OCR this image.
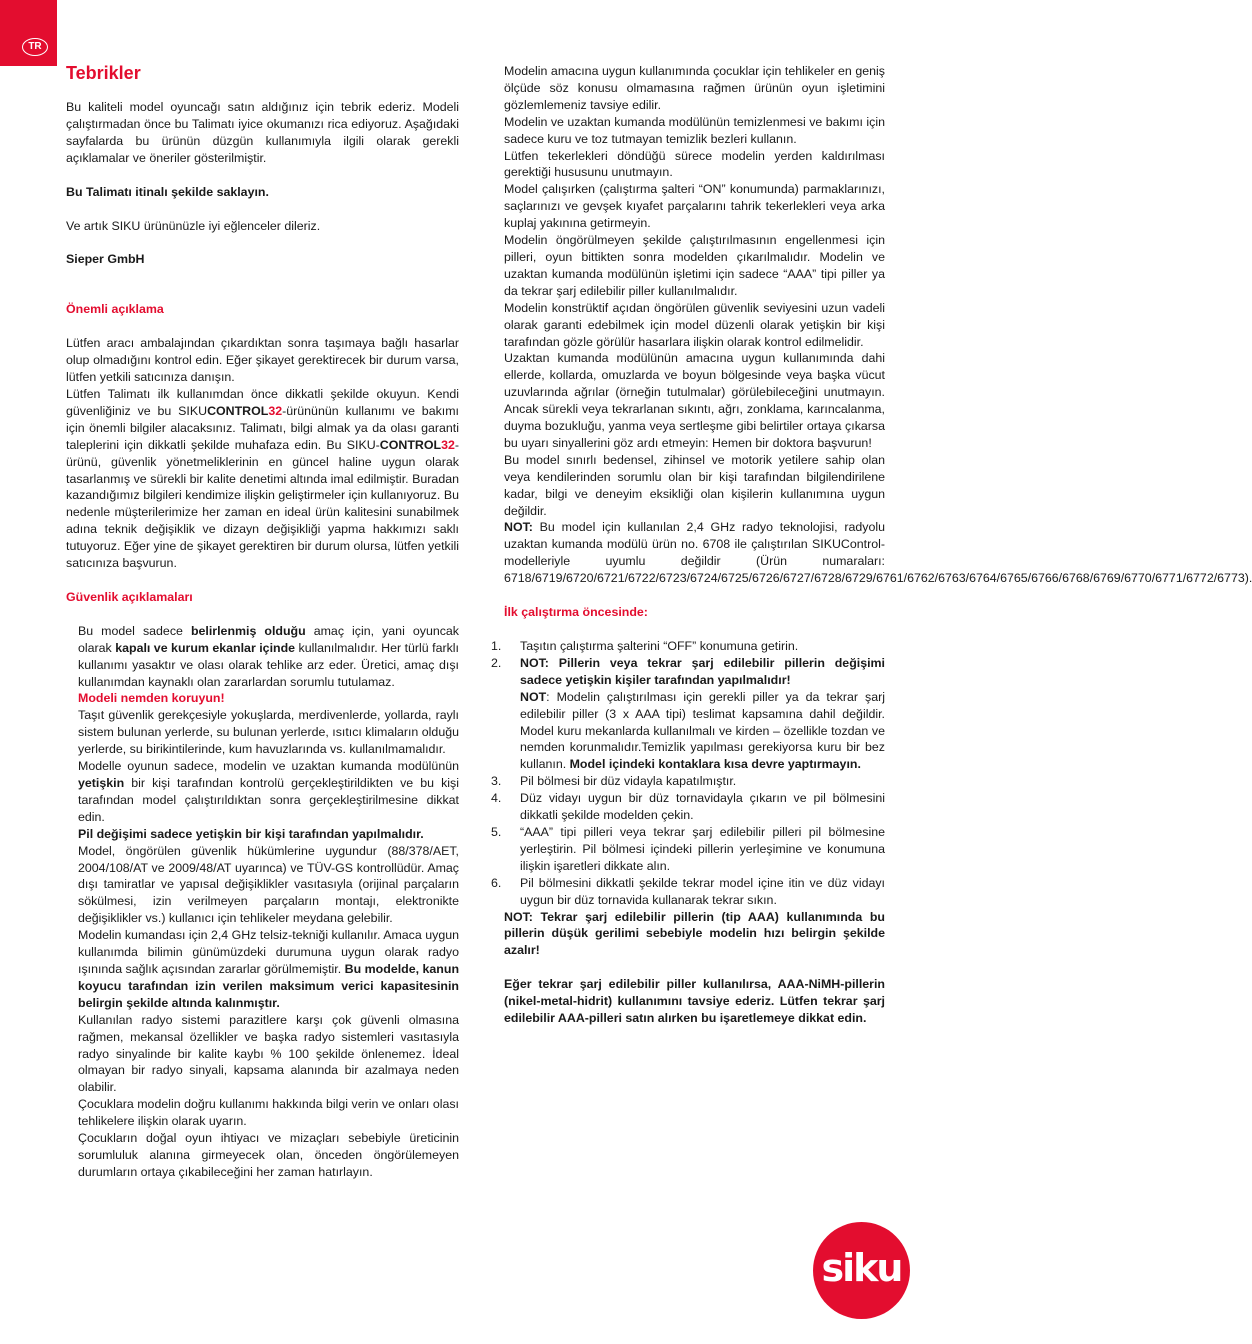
TR
Tebrikler

Bu kaliteli model oyuncağı satın aldığınız için tebrik ederiz. Modeli çalıştırmadan önce bu Talimatı iyice okumanızı rica ediyoruz. Aşağıdaki sayfalarda bu ürünün düzgün kullanımıyla ilgili olarak gerekli açıklamalar ve öneriler gösterilmiştir.

Bu Talimatı itinalı şekilde saklayın.

Ve artık SIKU ürününüzle iyi eğlenceler dileriz.

Sieper GmbH

Önemli açıklama

Lütfen aracı ambalajından çıkardıktan sonra taşımaya bağlı hasarlar olup olmadığını kontrol edin. Eğer şikayet gerektirecek bir durum varsa, lütfen yetkili satıcınıza danışın.

Lütfen Talimatı ilk kullanımdan önce dikkatli şekilde okuyun. Kendi güvenliğiniz ve bu SIKUCONTROL32-ürününün kullanımı ve bakımı için önemli bilgiler alacaksınız. Talimatı, bilgi almak ya da olası garanti taleplerini için dikkatli şekilde muhafaza edin. Bu SIKU-CONTROL32-ürünü, güvenlik yönetmeliklerinin en güncel haline uygun olarak tasarlanmış ve sürekli bir kalite denetimi altında imal edilmiştir. Buradan kazandığımız bilgileri kendimize ilişkin geliştirmeler için kullanıyoruz. Bu nedenle müşterilerimize her zaman en ideal ürün kalitesini sunabilmek adına teknik değişiklik ve dizayn değişikliği yapma hakkımızı saklı tutuyoruz. Eğer yine de şikayet gerektiren bir durum olursa, lütfen yetkili satıcınıza başvurun.

Güvenlik açıklamaları

Bu model sadece belirlenmiş olduğu amaç için, yani oyuncak olarak kapalı ve kurum ekanlar içinde kullanılmalıdır. Her türlü farklı kullanımı yasaktır ve olası olarak tehlike arz eder. Üretici, amaç dışı kullanımdan kaynaklı olan zararlardan sorumlu tutulamaz.

Modeli nemden koruyun!

Taşıt güvenlik gerekçesiyle yokuşlarda, merdivenlerde, yollarda, raylı sistem bulunan yerlerde, su bulunan yerlerde, ısıtıcı klimaların olduğu yerlerde, su birikintilerinde, kum havuzlarında vs. kullanılmamalıdır.

Modelle oyunun sadece, modelin ve uzaktan kumanda modülünün yetişkin bir kişi tarafından kontrolü gerçekleştirildikten ve bu kişi tarafından model çalıştırıldıktan sonra gerçekleştirilmesine dikkat edin.

Pil değişimi sadece yetişkin bir kişi tarafından yapılmalıdır.

Model, öngörülen güvenlik hükümlerine uygundur (88/378/AET, 2004/108/AT ve 2009/48/AT uyarınca) ve TÜV-GS kontrollüdür. Amaç dışı tamiratlar ve yapısal değişiklikler vasıtasıyla (orijinal parçaların sökülmesi, izin verilmeyen parçaların montajı, elektronikte değişiklikler vs.) kullanıcı için tehlikeler meydana gelebilir.

Modelin kumandası için 2,4 GHz telsiz-tekniği kullanılır. Amaca uygun kullanımda bilimin günümüzdeki durumuna uygun olarak radyo ışınında sağlık açısından zararlar görülmemiştir. Bu modelde, kanun koyucu tarafından izin verilen maksimum verici kapasitesinin belirgin şekilde altında kalınmıştır.

Kullanılan radyo sistemi parazitlere karşı çok güvenli olmasına rağmen, mekansal özellikler ve başka radyo sistemleri vasıtasıyla radyo sinyalinde bir kalite kaybı % 100 şekilde önlenemez. İdeal olmayan bir radyo sinyali, kapsama alanında bir azalmaya neden olabilir.

Çocuklara modelin doğru kullanımı hakkında bilgi verin ve onları olası tehlikelere ilişkin olarak uyarın.

Çocukların doğal oyun ihtiyacı ve mizaçları sebebiyle üreticinin sorumluluk alanına girmeyecek olan, önceden öngörülemeyen durumların ortaya çıkabileceğini her zaman hatırlayın.

Modelin amacına uygun kullanımında çocuklar için tehlikeler en geniş ölçüde söz konusu olmamasına rağmen ürünün oyun işletimini gözlemlemeniz tavsiye edilir.

Modelin ve uzaktan kumanda modülünün temizlenmesi ve bakımı için sadece kuru ve toz tutmayan temizlik bezleri kullanın.

Lütfen tekerlekleri döndüğü sürece modelin yerden kaldırılması gerektiği hususunu unutmayın.

Model çalışırken (çalıştırma şalteri “ON” konumunda) parmaklarınızı, saçlarınızı ve gevşek kıyafet parçalarını tahrik tekerlekleri veya arka kuplaj yakınına getirmeyin.

Modelin öngörülmeyen şekilde çalıştırılmasının engellenmesi için pilleri, oyun bittikten sonra modelden çıkarılmalıdır. Modelin ve uzaktan kumanda modülünün işletimi için sadece “AAA” tipi piller ya da tekrar şarj edilebilir piller kullanılmalıdır.

Modelin konstrüktif açıdan öngörülen güvenlik seviyesini uzun vadeli olarak garanti edebilmek için model düzenli olarak yetişkin bir kişi tarafından gözle görülür hasarlara ilişkin olarak kontrol edilmelidir.

Uzaktan kumanda modülünün amacına uygun kullanımında dahi ellerde, kollarda, omuzlarda ve boyun bölgesinde veya başka vücut uzuvlarında ağrılar (örneğin tutulmalar) görülebileceğini unutmayın. Ancak sürekli veya tekrarlanan sıkıntı, ağrı, zonklama, karıncalanma, duyma bozukluğu, yanma veya sertleşme gibi belirtiler ortaya çıkarsa bu uyarı sinyallerini göz ardı etmeyin: Hemen bir doktora başvurun!

Bu model sınırlı bedensel, zihinsel ve motorik yetilere sahip olan veya kendilerinden sorumlu olan bir kişi tarafından bilgilendirilene kadar, bilgi ve deneyim eksikliği olan kişilerin kullanımına uygun değildir.

NOT: Bu model için kullanılan 2,4 GHz radyo teknolojisi, radyolu uzaktan kumanda modülü ürün no. 6708 ile çalıştırılan SIKUControl-modelleriyle uyumlu değildir (Ürün numaraları: 6718/6719/6720/6721/6722/6723/6724/6725/6726/6727/6728/6729/6761/6762/6763/6764/6765/6766/6768/6769/6770/6771/6772/6773).

İlk çalıştırma öncesinde:

1. Taşıtın çalıştırma şalterini “OFF” konumuna getirin.
2. NOT: Pillerin veya tekrar şarj edilebilir pillerin değişimi sadece yetişkin kişiler tarafından yapılmalıdır!
NOT: Modelin çalıştırılması için gerekli piller ya da tekrar şarj edilebilir piller (3 x AAA tipi) teslimat kapsamına dahil değildir. Model kuru mekanlarda kullanılmalı ve kirden – özellikle tozdan ve nemden korunmalıdır.Temizlik yapılması gerekiyorsa kuru bir bez kullanın. Model içindeki kontaklara kısa devre yaptırmayın.
3. Pil bölmesi bir düz vidayla kapatılmıştır.
4. Düz vidayı uygun bir düz tornavidayla çıkarın ve pil bölmesini dikkatli şekilde modelden çekin.
5. “AAA” tipi pilleri veya tekrar şarj edilebilir pilleri pil bölmesine yerleştirin. Pil bölmesi içindeki pillerin yerleşimine ve konumuna ilişkin işaretleri dikkate alın.
6. Pil bölmesini dikkatli şekilde tekrar model içine itin ve düz vidayı uygun bir düz tornavida kullanarak tekrar sıkın.

NOT: Tekrar şarj edilebilir pillerin (tip AAA) kullanımında bu pillerin düşük gerilimi sebebiyle modelin hızı belirgin şekilde azalır!

Eğer tekrar şarj edilebilir piller kullanılırsa, AAA-NiMH-pillerin (nikel-metal-hidrit) kullanımını tavsiye ederiz. Lütfen tekrar şarj edilebilir AAA-pilleri satın alırken bu işaretlemeye dikkat edin.

siku
